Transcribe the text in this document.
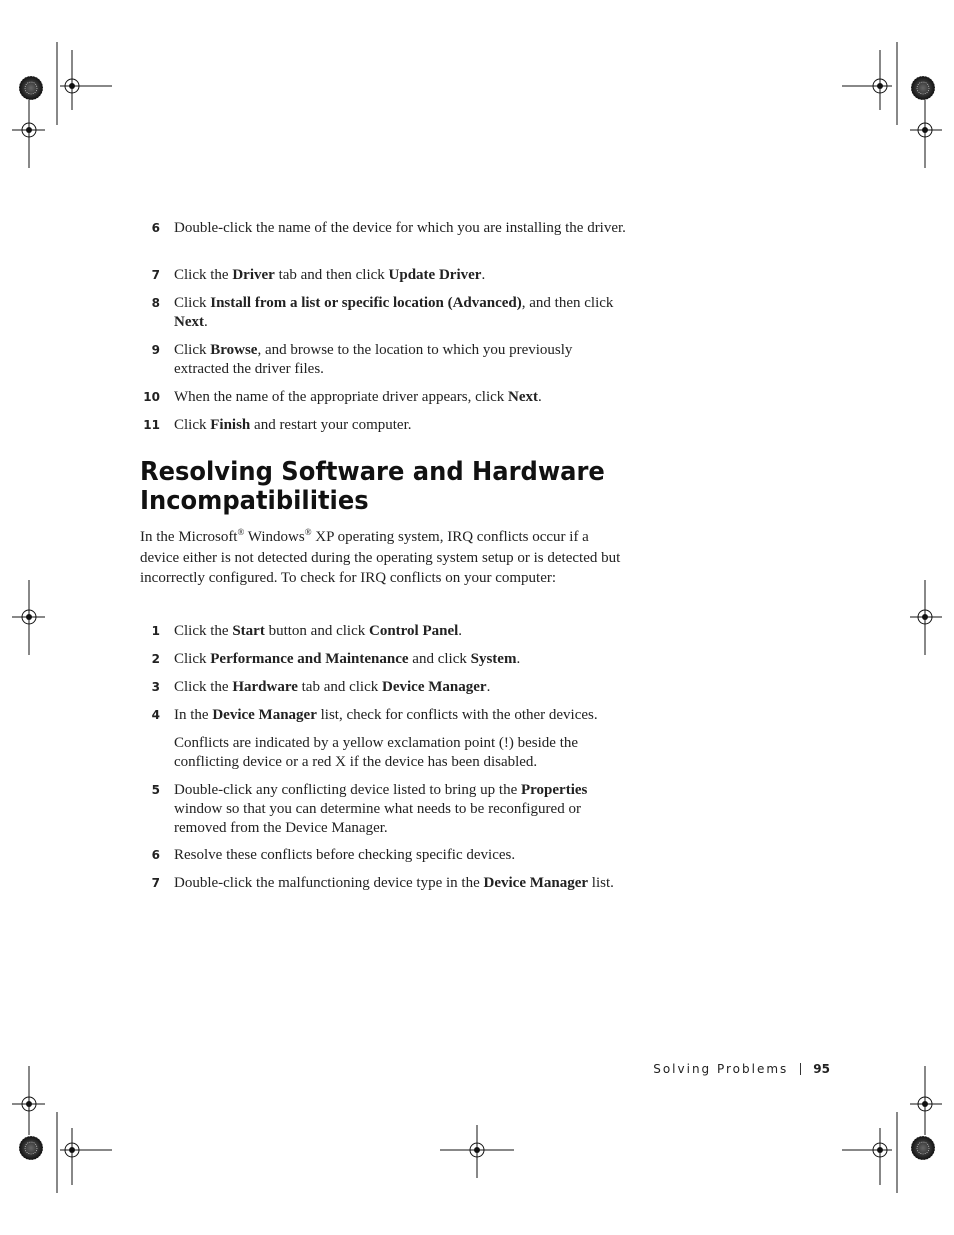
6 Double-click the name of the device for which you are installing the driver.
7 Click the Driver tab and then click Update Driver.
8 Click Install from a list or specific location (Advanced), and then click Next.
9 Click Browse, and browse to the location to which you previously extracted the driver files.
10 When the name of the appropriate driver appears, click Next.
11 Click Finish and restart your computer.
Resolving Software and Hardware
Incompatibilities
In the Microsoft® Windows® XP operating system, IRQ conflicts occur if a device either is not detected during the operating system setup or is detected but incorrectly configured. To check for IRQ conflicts on your computer:
1 Click the Start button and click Control Panel.
2 Click Performance and Maintenance and click System.
3 Click the Hardware tab and click Device Manager.
4 In the Device Manager list, check for conflicts with the other devices.
Conflicts are indicated by a yellow exclamation point (!) beside the conflicting device or a red X if the device has been disabled.
5 Double-click any conflicting device listed to bring up the Properties window so that you can determine what needs to be reconfigured or removed from the Device Manager.
6 Resolve these conflicts before checking specific devices.
7 Double-click the malfunctioning device type in the Device Manager list.
Solving Problems 95
